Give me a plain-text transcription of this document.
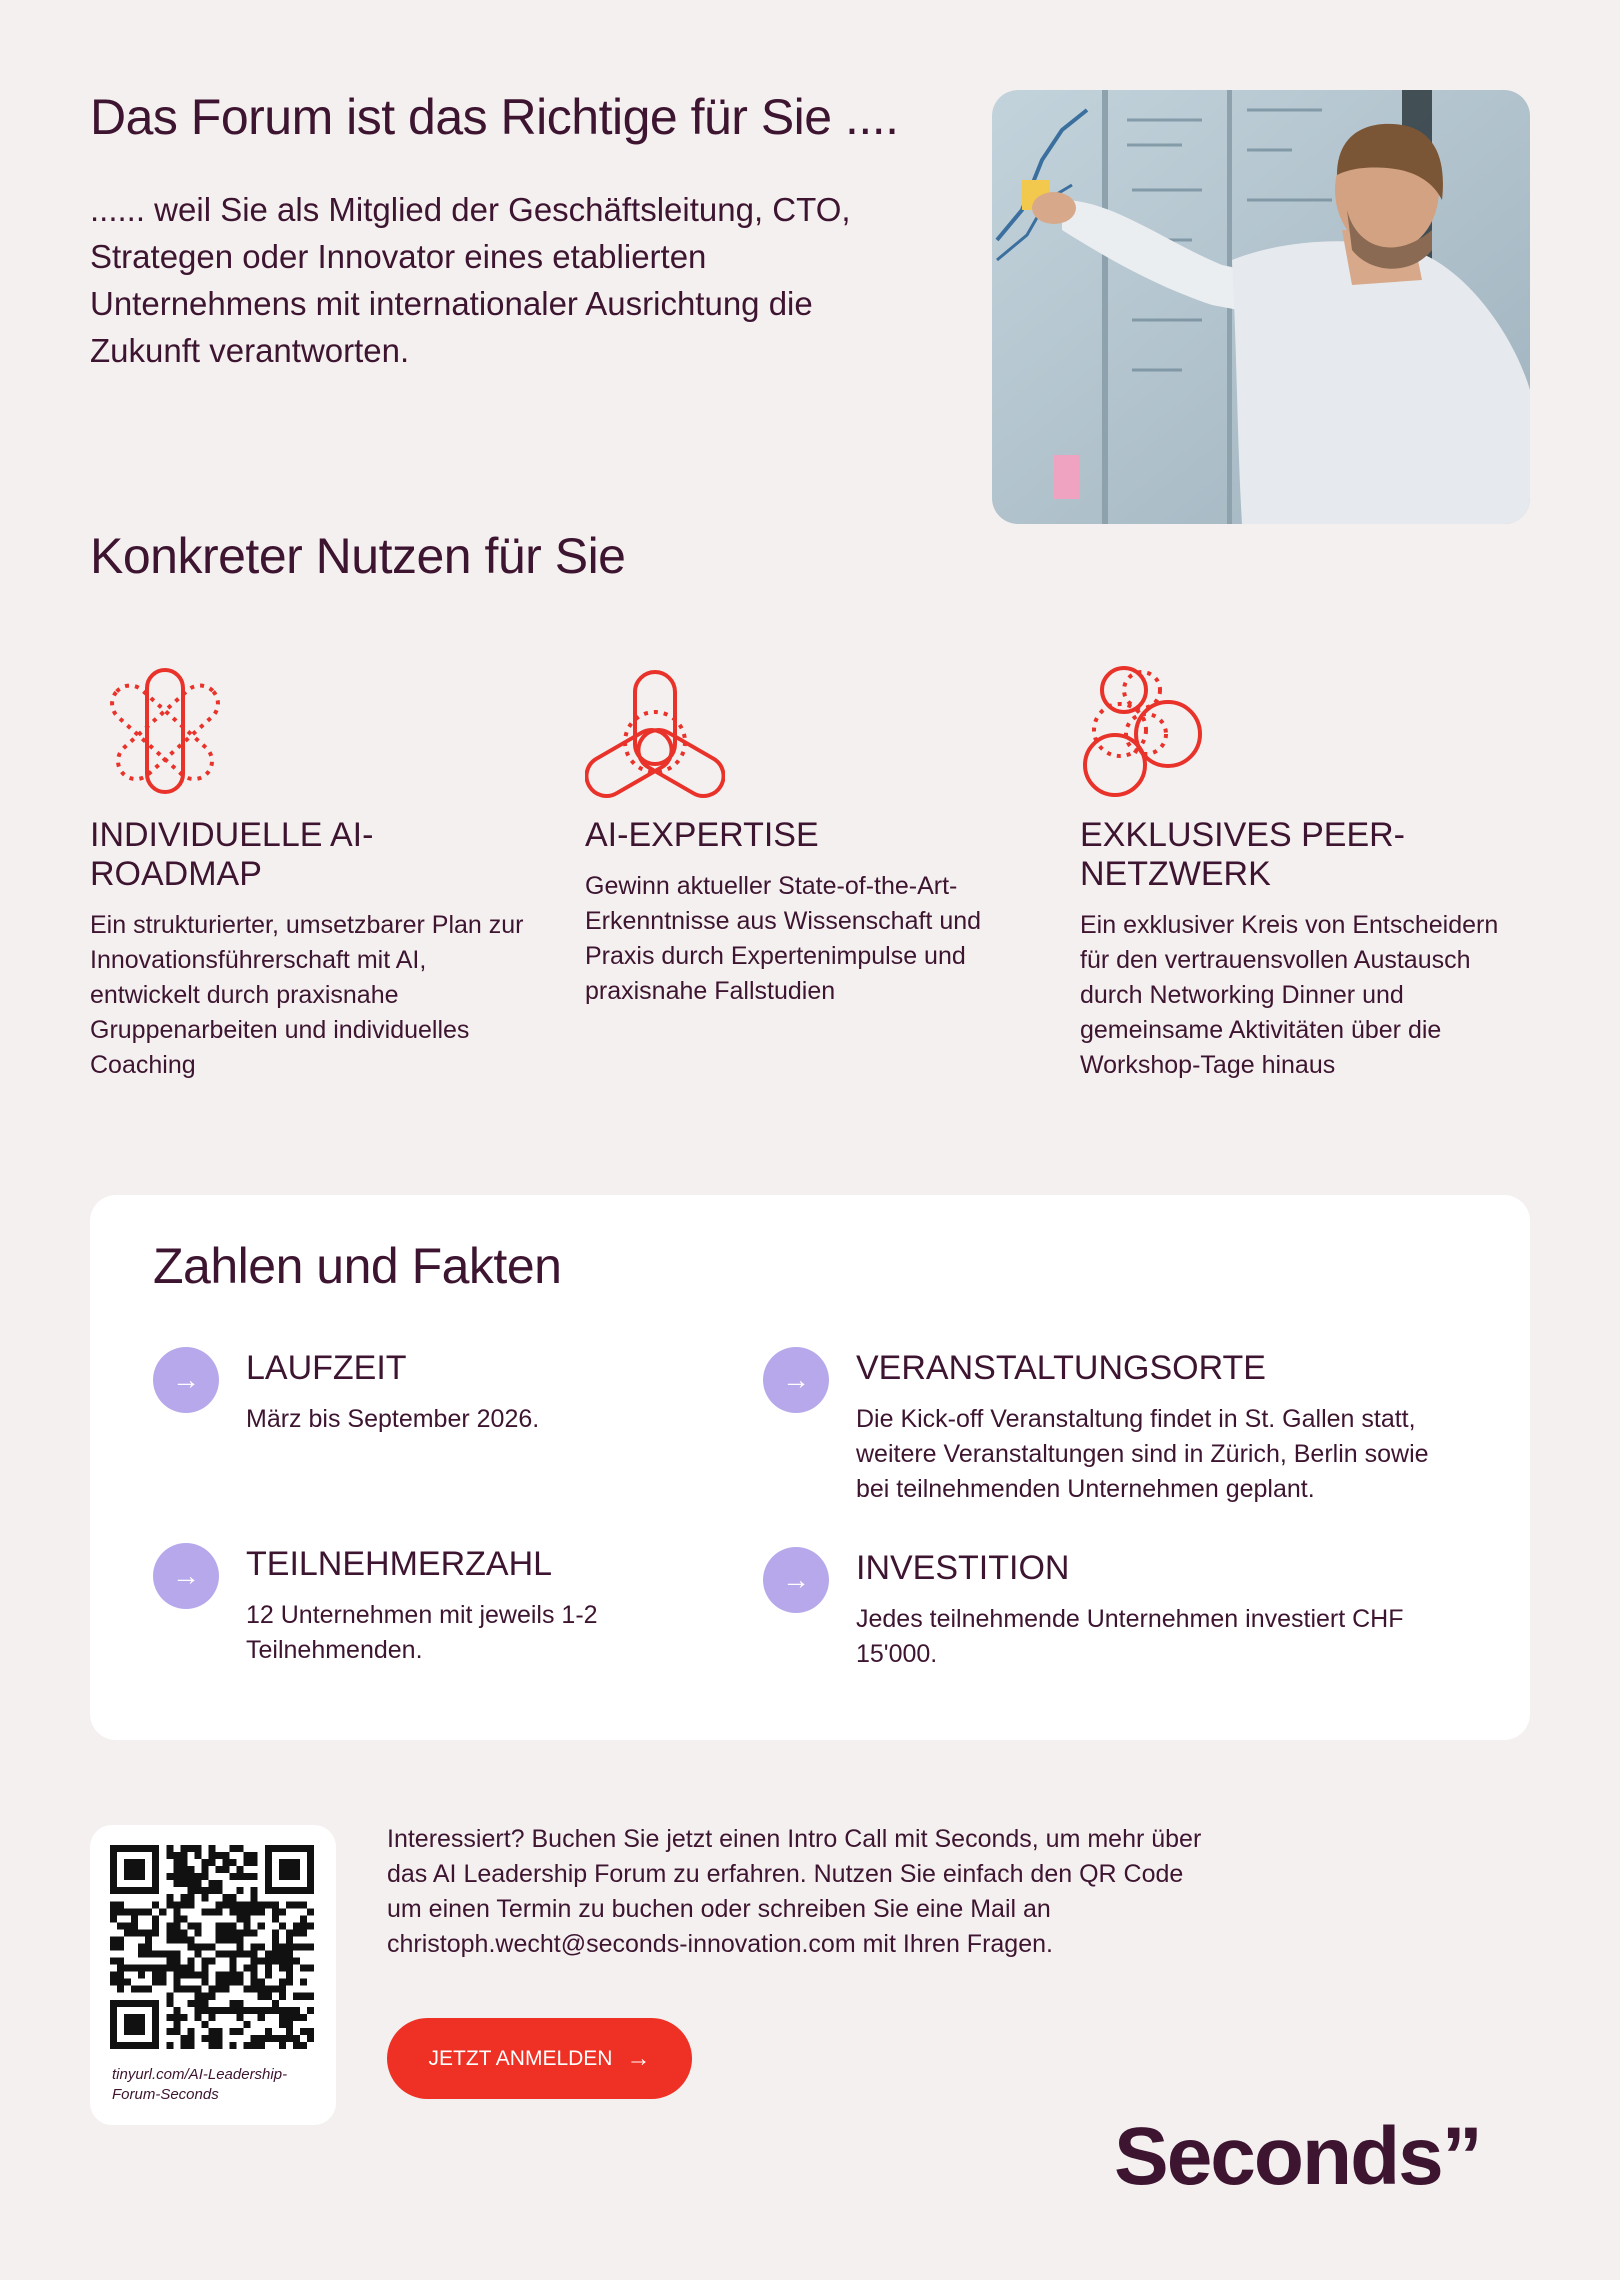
Das Forum ist das Richtige für Sie ....

...... weil Sie als Mitglied der Geschäftsleitung, CTO, Strategen oder Innovator eines etablierten Unternehmens mit internationaler Ausrichtung die Zukunft verantworten.

Konkreter Nutzen für Sie
INDIVIDUELLE AI-ROADMAP
Ein strukturierter, umsetzbarer Plan zur Innovationsführerschaft mit AI, entwickelt durch praxisnahe Gruppenarbeiten und individuelles Coaching
AI-EXPERTISE
Gewinn aktueller State-of-the-Art-Erkenntnisse aus Wissenschaft und Praxis durch Expertenimpulse und praxisnahe Fallstudien
EXKLUSIVES PEER-NETZWERK
Ein exklusiver Kreis von Entscheidern für den vertrauensvollen Austausch durch Networking Dinner und gemeinsame Aktivitäten über die Workshop-Tage hinaus
Zahlen und Fakten
→	LAUFZEIT
März bis September 2026.
→	VERANSTALTUNGSORTE
Die Kick-off Veranstaltung findet in St. Gallen statt, weitere Veranstaltungen sind in Zürich, Berlin sowie bei teilnehmenden Unternehmen geplant.
→	TEILNEHMERZAHL
12 Unternehmen mit jeweils 1-2 Teilnehmenden.
→	INVESTITION
Jedes teilnehmende Unternehmen investiert CHF 15'000.
tinyurl.com/AI-Leadership-Forum-Seconds

Interessiert? Buchen Sie jetzt einen Intro Call mit Seconds, um mehr über das AI Leadership Forum zu erfahren. Nutzen Sie einfach den QR Code um einen Termin zu buchen oder schreiben Sie eine Mail an christoph.wecht@seconds-innovation.com mit Ihren Fragen.

JETZT ANMELDEN →
Seconds”
